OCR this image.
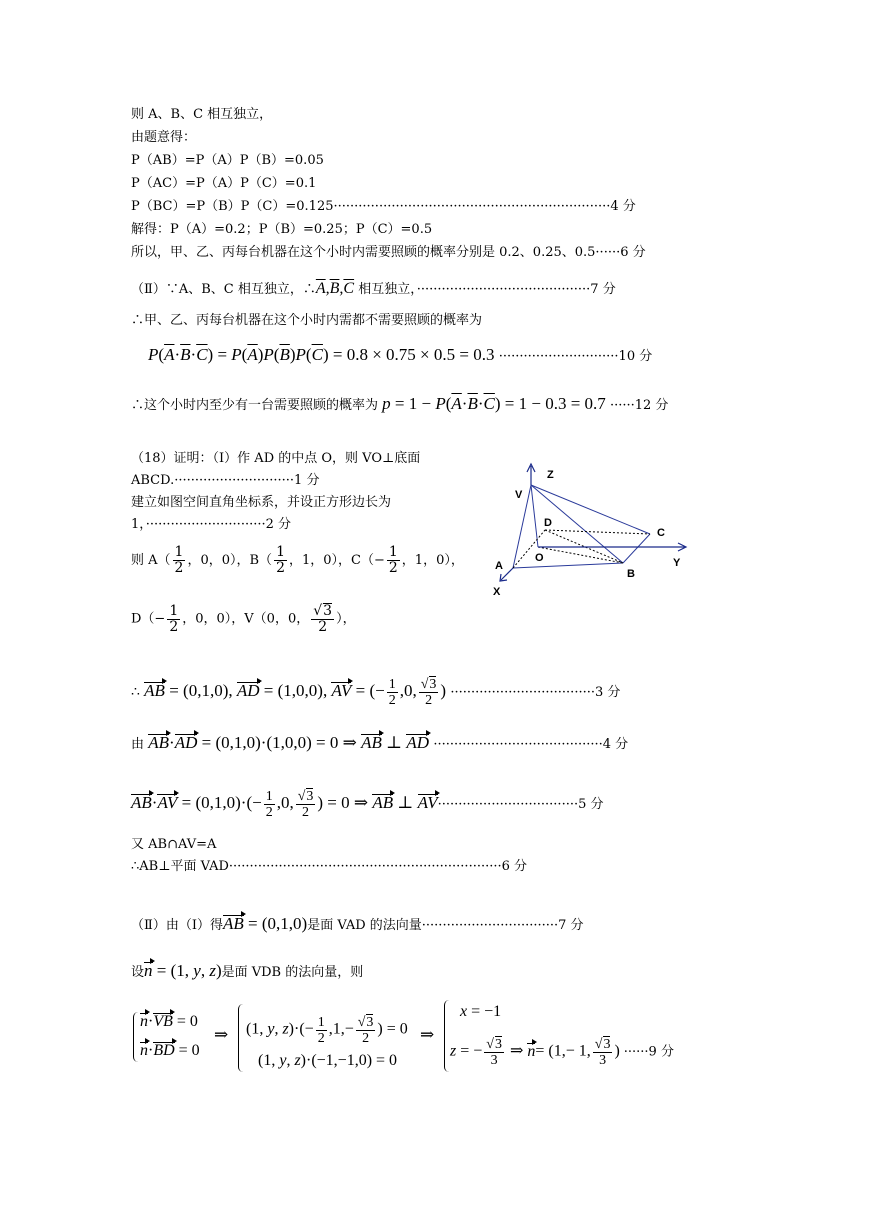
则 A、B、C 相互独立，
由题意得：
P（AB）=P（A）P（B）=0.05
P（AC）=P（A）P（C）=0.1
P（BC）=P（B）P（C）=0.125···································································4 分
解得：P（A）=0.2；P（B）=0.25；P（C）=0.5
所以，甲、乙、丙每台机器在这个小时内需要照顾的概率分别是 0.2、0.25、0.5······6 分
（Ⅱ）∵A、B、C 相互独立，$\therefore\overline{A},\overline{B},\overline{C}$ 相互独立，··········································7 分
∴甲、乙、丙每台机器在这个小时内需都不需要照顾的概率为
$P(\overline{A}\cdot\overline{B}\cdot\overline{C}) = P(\overline{A})P(\overline{B})P(\overline{C}) = 0.8 \times 0.75 \times 0.5 = 0.3 \cdot\cdot\cdot\cdot\cdot\cdot\cdot\cdot\cdot\cdot\cdot\cdot\cdot\cdot\cdot\cdot\cdot\cdot\cdot\cdot\cdot\cdot\cdot\cdot\cdot\cdot\cdot\cdot\cdot 10$ 分
∴这个小时内至少有一台需要照顾的概率为 $p = 1 - P(\overline{A}\cdot\overline{B}\cdot\overline{C}) = 1 - 0.3 = 0.7 \cdot\cdot\cdot\cdot\cdot\cdot 12$ 分
（18）证明：（Ⅰ）作 AD 的中点 O，则 VO⊥底面
ABCD.·····························1 分
建立如图空间直角坐标系，并设正方形边长为
1，·····························2 分
则 $A( \frac{1}{2}$ ，0，0），$B( \frac{1}{2}$ ，1，0），$C(- \frac{1}{2}$ ，1，0），
$D(- \frac{1}{2}$ ，0，0），V（0，0， $\frac{√3}{2}$ ），
Z
V
D
C
O
A
B
Y
X
∴ AB = (0,1,0), AD = (1,0,0), AV = (− $\frac{1}{2} ,0$, $\frac{√3}{2}$ ) ···································3 分
由 AB·AD = (0,1,0)·(1,0,0) = 0 ⇒ AB ⊥ AD ·········································4 分
$AB\cdot AV = (0,1,0)\cdot(- \frac{1}{2} ,0$, $\frac{√3}{2}$ ) = 0 ⇒ AB ⊥ AV··································5 分
又 AB∩AV=A
∴AB⊥平面 VAD··································································6 分
（Ⅱ）由（Ⅰ）得AB = (0,1,0)是面 VAD 的法向量·································7 分
设n = (1, y, z)是面 VDB 的法向量，则
n·VB = 0
n·BD = 0
⇒ (1, y, $z)\cdot(- \frac{1}{2} ,1,- \frac{√3}{2}$ ) = 0
(1, y, z)·(−1,−1,0) = 0
⇒
x = −1
z = − $\frac{√3}{3}$ ⇒ n= (1,− 1, $\frac{√3}{3}$ ) ······9 分
